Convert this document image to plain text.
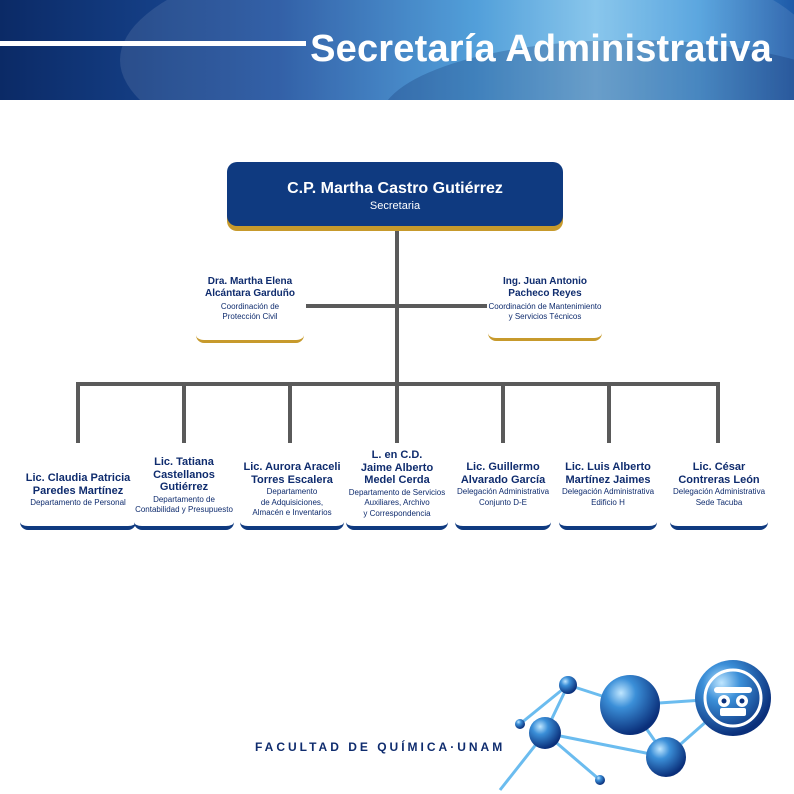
Secretaría Administrativa
C.P. Martha Castro Gutiérrez
Secretaria
Dra. Martha Elena
Alcántara Garduño
Coordinación de
Protección Civil
Ing. Juan Antonio
Pacheco Reyes
Coordinación de Mantenimiento
y Servicios Técnicos
Lic. Claudia Patricia
Paredes Martínez
Departamento de Personal
Lic. Tatiana
Castellanos
Gutiérrez
Departamento de
Contabilidad y Presupuesto
Lic. Aurora Araceli
Torres Escalera
Departamento
de Adquisiciones,
Almacén e Inventarios
L. en C.D.
Jaime Alberto
Medel Cerda
Departamento de Servicios
Auxiliares, Archivo
y Correspondencia
Lic. Guillermo
Alvarado García
Delegación Administrativa
Conjunto D-E
Lic. Luis Alberto
Martínez Jaimes
Delegación Administrativa
Edificio H
Lic. César
Contreras León
Delegación Administrativa
Sede Tacuba
FACULTAD DE QUÍMICA·UNAM
